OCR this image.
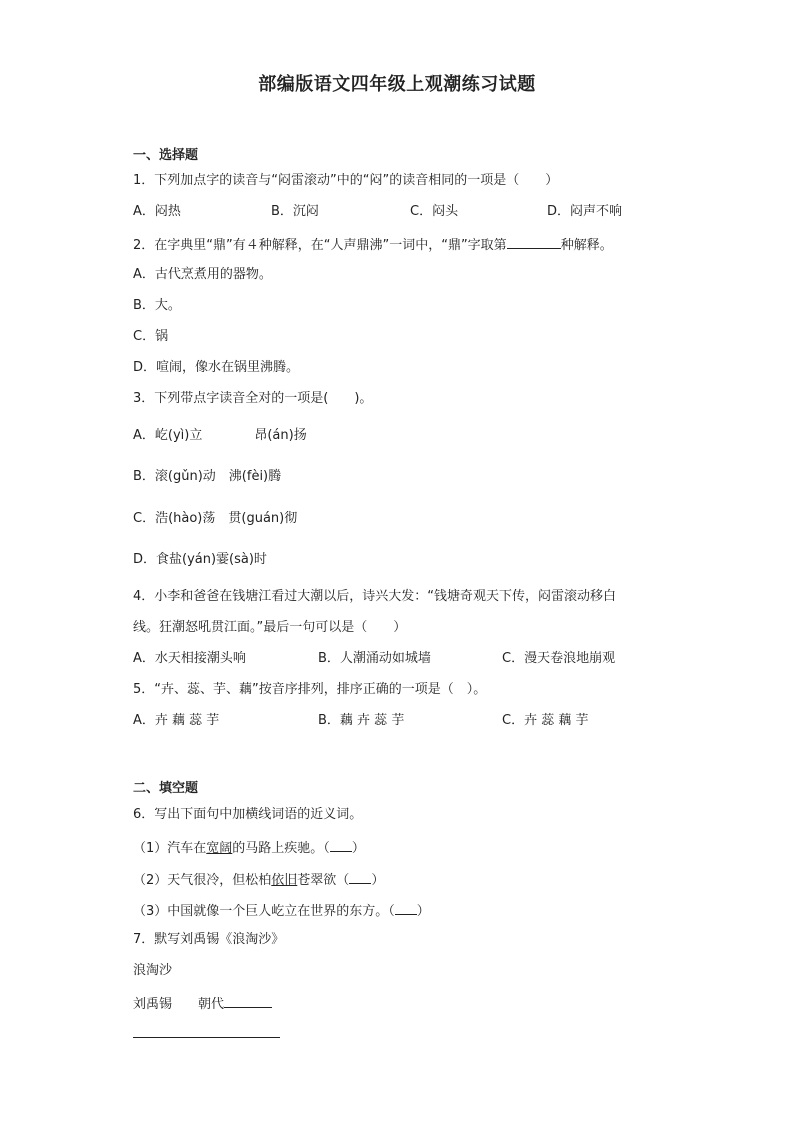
部编版语文四年级上观潮练习试题
一、选择题
1．下列加点字的读音与“闷雷滚动”中的“闷”的读音相同的一项是（　　）
A．闷热	B．沉闷	C．闷头	D．闷声不响
2．在字典里“鼎”有４种解释，在“人声鼎沸”一词中，“鼎”字取第	种解释。
A．古代烹煮用的器物。
B．大。
C．锅
D．喧闹，像水在锅里沸腾。
3．下列带点字读音全对的一项是(　　)。
A．屹(yì)立　　　　昂(án)扬
B．滚(gǔn)动　沸(fèi)腾
C．浩(hào)荡　贯(guán)彻
D．食盐(yán)霎(sà)时
4．小李和爸爸在钱塘江看过大潮以后，诗兴大发：“钱塘奇观天下传，闷雷滚动移白
线。狂潮怒吼贯江面。”最后一句可以是（　　）
A．水天相接潮头响	B．人潮涌动如城墙	C．漫天卷浪地崩观
5．“卉、蕊、芋、藕”按音序排列，排序正确的一项是（　）。
A．卉 藕 蕊 芋	B．藕 卉 蕊 芋	C．卉 蕊 藕 芋
二、填空题
6．写出下面句中加横线词语的近义词。
（1）汽车在宽阔的马路上疾驰。（ ）
（2）天气很冷，但松柏依旧苍翠欲（ ）
（3）中国就像一个巨人屹立在世界的东方。（ ）
7．默写刘禹锡《浪淘沙》
浪淘沙
刘禹锡　　朝代
